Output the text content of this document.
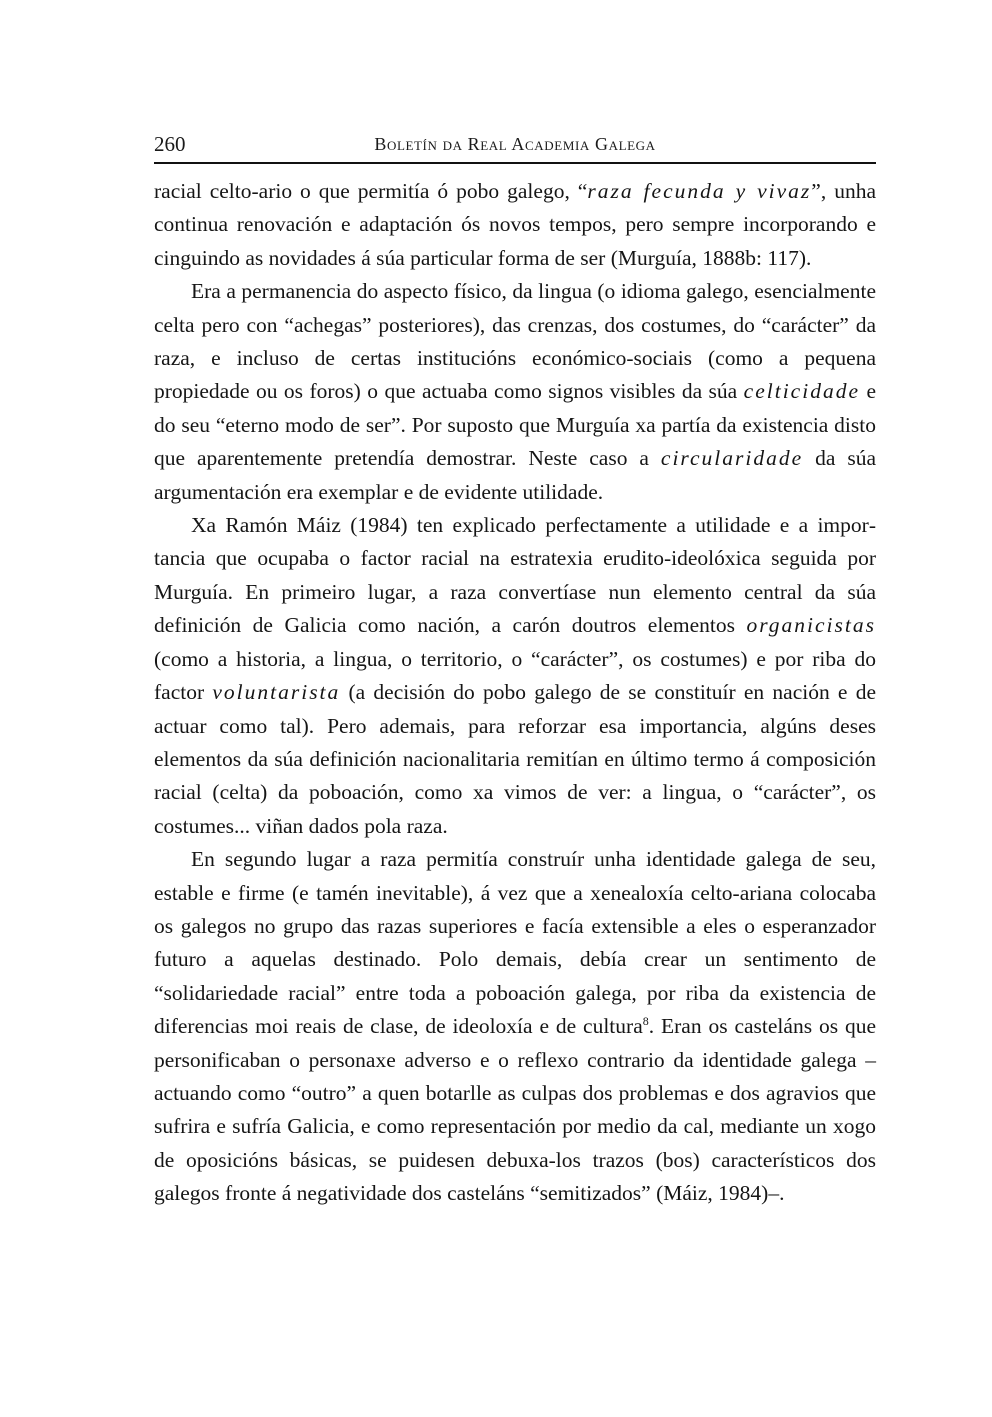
260	Boletín da Real Academia Galega

racial celto-ario o que permitía ó pobo galego, “raza fecunda y vivaz”, unha continua renovación e adaptación ós novos tempos, pero sempre incorporando e cinguindo as novidades á súa particular forma de ser (Murguía, 1888b: 117).

Era a permanencia do aspecto físico, da lingua (o idioma galego, esencialmente celta pero con “achegas” posteriores), das crenzas, dos costumes, do “carácter” da raza, e incluso de certas institucións económico-sociais (como a pequena propiedade ou os foros) o que actuaba como signos visibles da súa celticidade e do seu “eterno modo de ser”. Por suposto que Murguía xa partía da existencia disto que aparentemente pretendía demostrar. Neste caso a circularidade da súa argumentación era exemplar e de evidente utilidade.

Xa Ramón Máiz (1984) ten explicado perfectamente a utilidade e a importancia que ocupaba o factor racial na estratexia erudito-ideolóxica seguida por Murguía. En primeiro lugar, a raza convertíase nun elemento central da súa definición de Galicia como nación, a carón doutros elementos organicistas (como a historia, a lingua, o territorio, o “carácter”, os costumes) e por riba do factor voluntarista (a decisión do pobo galego de se constituír en nación e de actuar como tal). Pero ademais, para reforzar esa importancia, algúns deses elementos da súa definición nacionalitaria remitían en último termo á composición racial (celta) da poboación, como xa vimos de ver: a lingua, o “carácter”, os costumes... viñan dados pola raza.

En segundo lugar a raza permitía construír unha identidade galega de seu, estable e firme (e tamén inevitable), á vez que a xenealoxía celto-ariana colocaba os galegos no grupo das razas superiores e facía extensible a eles o esperanzador futuro a aquelas destinado. Polo demais, debía crear un sentimento de “solidariedade racial” entre toda a poboación galega, por riba da existencia de diferencias moi reais de clase, de ideoloxía e de cultura$^8$. Eran os casteláns os que personificaban o personaxe adverso e o reflexo contrario da identidade galega –actuando como “outro” a quen botarlle as culpas dos problemas e dos agravios que sufrira e sufría Galicia, e como representación por medio da cal, mediante un xogo de oposicións básicas, se puidesen debuxa-los trazos (bos) característicos dos galegos fronte á negatividade dos casteláns “semitizados” (Máiz, 1984)–.
